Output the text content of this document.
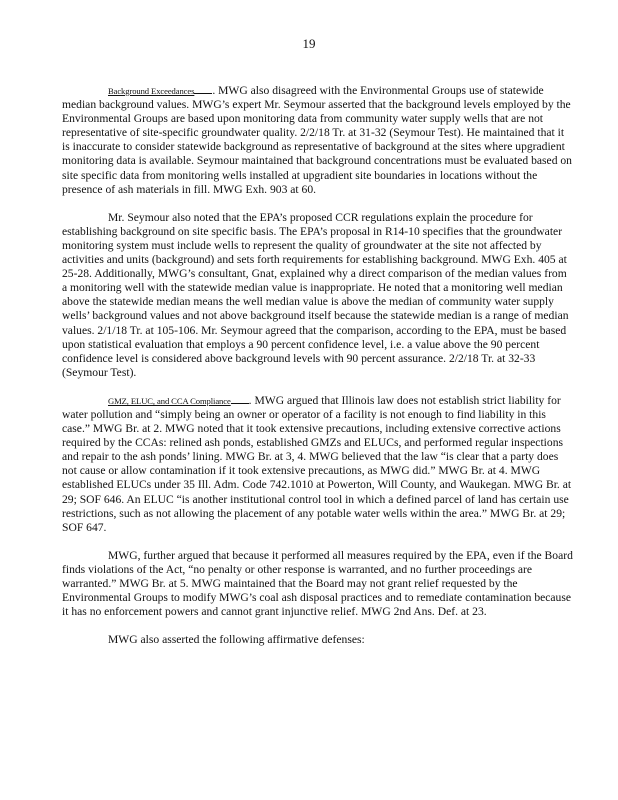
19

Background Exceedances . MWG also disagreed with the Environmental Groups use of statewide median background values. MWG’s expert Mr. Seymour asserted that the background levels employed by the Environmental Groups are based upon monitoring data from community water supply wells that are not representative of site-specific groundwater quality. 2/2/18 Tr. at 31-32 (Seymour Test). He maintained that it is inaccurate to consider statewide background as representative of background at the sites where upgradient monitoring data is available. Seymour maintained that background concentrations must be evaluated based on site specific data from monitoring wells installed at upgradient site boundaries in locations without the presence of ash materials in fill. MWG Exh. 903 at 60.

Mr. Seymour also noted that the EPA’s proposed CCR regulations explain the procedure for establishing background on site specific basis. The EPA’s proposal in R14-10 specifies that the groundwater monitoring system must include wells to represent the quality of groundwater at the site not affected by activities and units (background) and sets forth requirements for establishing background. MWG Exh. 405 at 25-28. Additionally, MWG’s consultant, Gnat, explained why a direct comparison of the median values from a monitoring well with the statewide median value is inappropriate. He noted that a monitoring well median above the statewide median means the well median value is above the median of community water supply wells’ background values and not above background itself because the statewide median is a range of median values. 2/1/18 Tr. at 105-106. Mr. Seymour agreed that the comparison, according to the EPA, must be based upon statistical evaluation that employs a 90 percent confidence level, i.e. a value above the 90 percent confidence level is considered above background levels with 90 percent assurance. 2/2/18 Tr. at 32-33 (Seymour Test).

GMZ, ELUC, and CCA Compliance . MWG argued that Illinois law does not establish strict liability for water pollution and “simply being an owner or operator of a facility is not enough to find liability in this case.” MWG Br. at 2. MWG noted that it took extensive precautions, including extensive corrective actions required by the CCAs: relined ash ponds, established GMZs and ELUCs, and performed regular inspections and repair to the ash ponds’ lining. MWG Br. at 3, 4. MWG believed that the law “is clear that a party does not cause or allow contamination if it took extensive precautions, as MWG did.” MWG Br. at 4. MWG established ELUCs under 35 Ill. Adm. Code 742.1010 at Powerton, Will County, and Waukegan. MWG Br. at 29; SOF 646. An ELUC “is another institutional control tool in which a defined parcel of land has certain use restrictions, such as not allowing the placement of any potable water wells within the area.” MWG Br. at 29; SOF 647.

MWG, further argued that because it performed all measures required by the EPA, even if the Board finds violations of the Act, “no penalty or other response is warranted, and no further proceedings are warranted.” MWG Br. at 5. MWG maintained that the Board may not grant relief requested by the Environmental Groups to modify MWG’s coal ash disposal practices and to remediate contamination because it has no enforcement powers and cannot grant injunctive relief. MWG 2nd Ans. Def. at 23.

MWG also asserted the following affirmative defenses:
